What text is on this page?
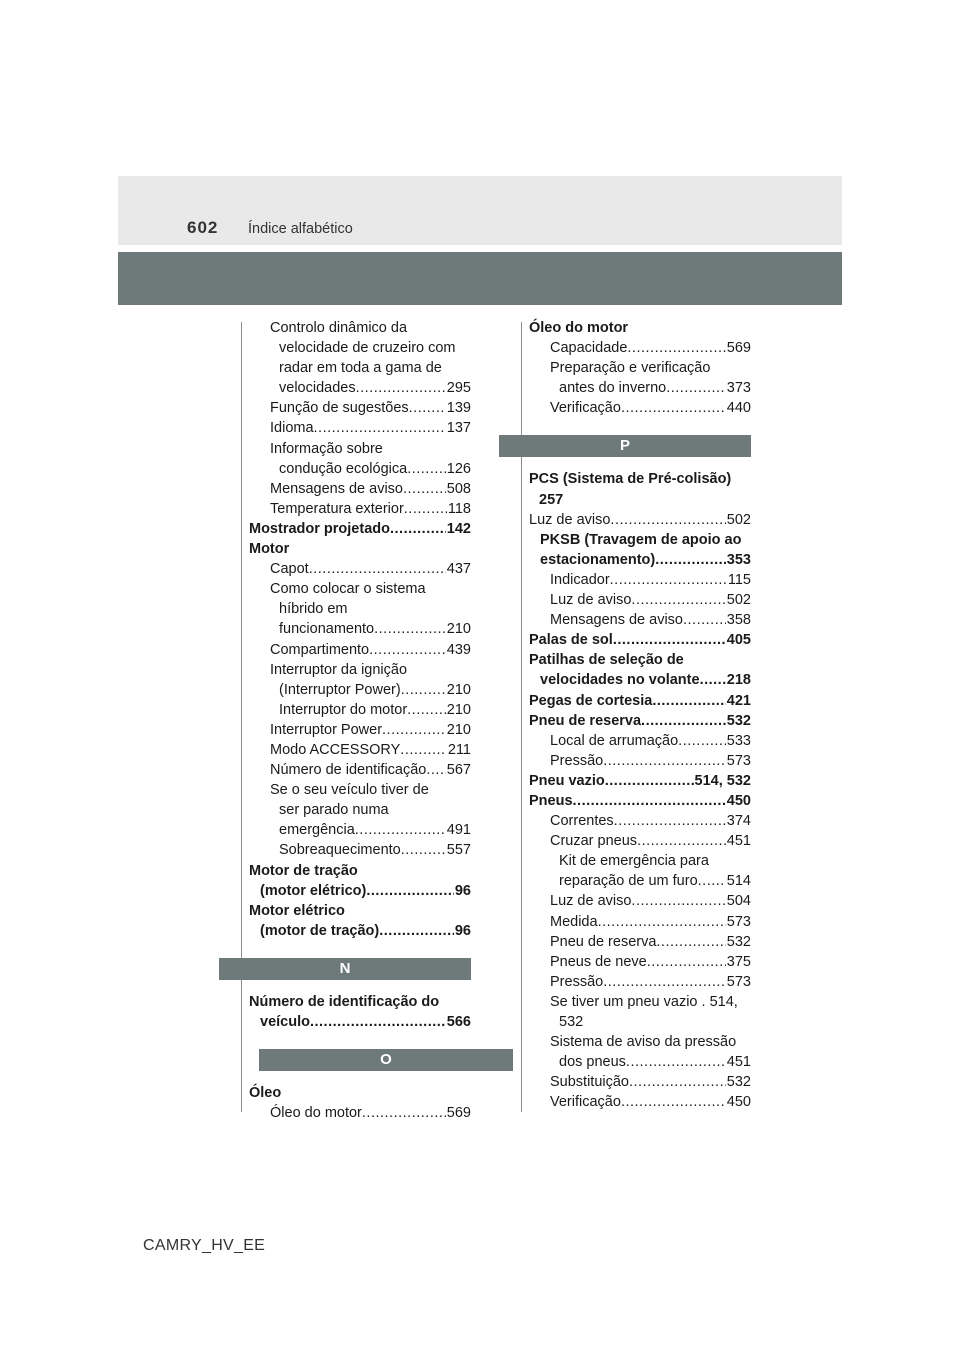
602 Índice alfabético
Controlo dinâmico da
velocidade de cruzeiro com
radar em toda a gama de
velocidades .....	295
Função de sugestões .....	139
Idioma .....	137
Informação sobre
condução ecológica .....	126
Mensagens de aviso .....	508
Temperatura exterior .....	118
Mostrador projetado .....	142
Motor
Capot .....	437
Como colocar o sistema
híbrido em
funcionamento .....	210
Compartimento .....	439
Interruptor da ignição
(Interruptor Power) .....	210
Interruptor do motor .....	210
Interruptor Power .....	210
Modo ACCESSORY .....	211
Número de identificação ..... 567
Se o seu veículo tiver de
ser parado numa
emergência .....	491
Sobreaquecimento .....	557
Motor de tração
(motor elétrico) .....	96
Motor elétrico
(motor de tração) .....	96
N
Número de identificação do
veículo .....	566
O
Óleo
Óleo do motor .....	569
Óleo do motor
Capacidade .....	569
Preparação e verificação
antes do inverno .....	373
Verificação .....	440
P
PCS (Sistema de Pré-colisão)
257
Luz de aviso .....	502
PKSB (Travagem de apoio ao
estacionamento) .....	353
Indicador .....	115
Luz de aviso .....	502
Mensagens de aviso .....	358
Palas de sol .....	405
Patilhas de seleção de
velocidades no volante ..... 218
Pegas de cortesia .....	421
Pneu de reserva .....	532
Local de arrumação .....	533
Pressão .....	573
Pneu vazio .....	514, 532
Pneus .....	450
Correntes .....	374
Cruzar pneus .....	451
Kit de emergência para
reparação de um furo ..... 514
Luz de aviso .....	504
Medida .....	573
Pneu de reserva .....	532
Pneus de neve .....	375
Pressão .....	573
Se tiver um pneu vazio . 514,
532
Sistema de aviso da pressão
dos pneus .....	451
Substituição .....	532
Verificação .....	450
CAMRY_HV_EE
